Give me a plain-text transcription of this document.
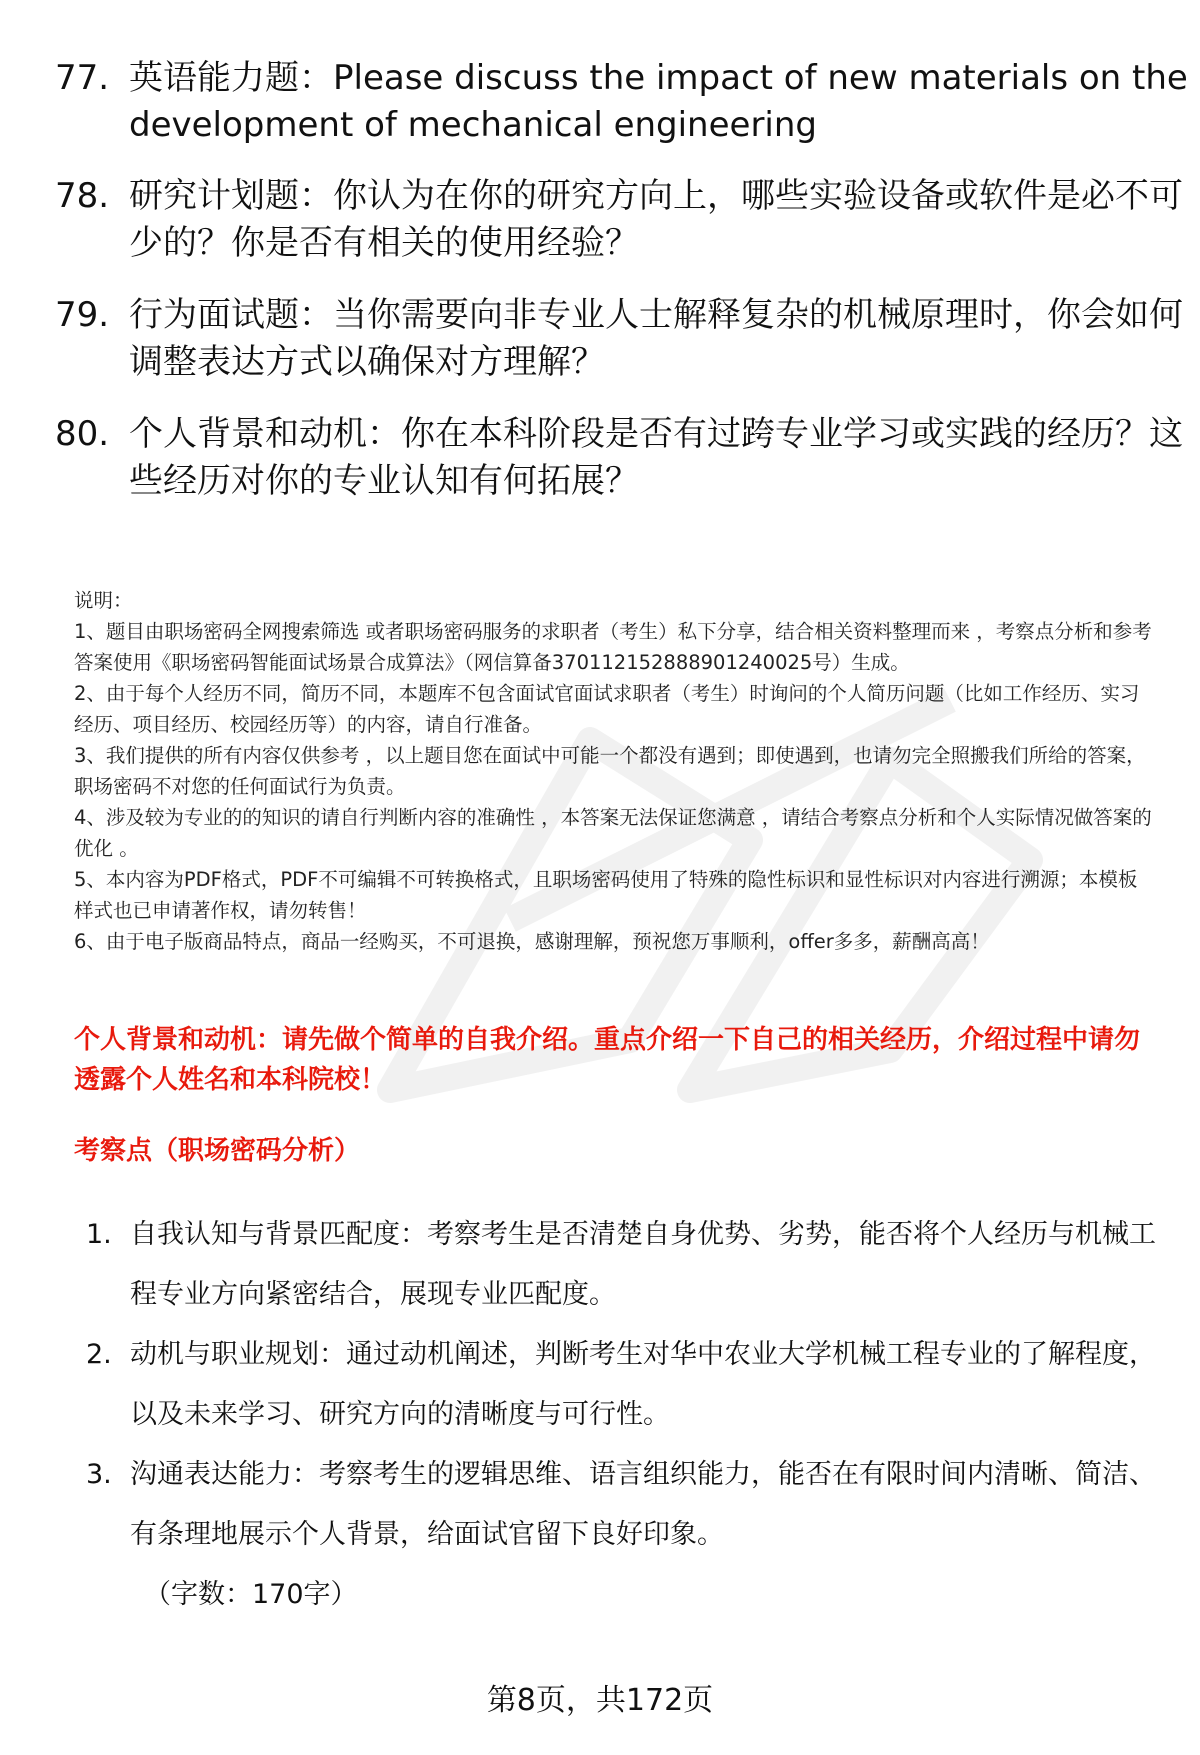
77. 英语能力题：Please discuss the impact of new materials on the development of mechanical engineering
78. 研究计划题：你认为在你的研究方向上，哪些实验设备或软件是必不可少的？你是否有相关的使用经验？
79. 行为面试题：当你需要向非专业人士解释复杂的机械原理时，你会如何调整表达方式以确保对方理解？
80. 个人背景和动机：你在本科阶段是否有过跨专业学习或实践的经历？这些经历对你的专业认知有何拓展？

说明：

1、题目由职场密码全网搜索筛选 或者职场密码服务的求职者（考生）私下分享，结合相关资料整理而来 ，考察点分析和参考答案使用《职场密码智能面试场景合成算法》（网信算备370112152888901240025号）生成。

2、由于每个人经历不同，简历不同，本题库不包含面试官面试求职者（考生）时询问的个人简历问题（比如工作经历、实习经历、项目经历、校园经历等）的内容，请自行准备。

3、我们提供的所有内容仅供参考 ，以上题目您在面试中可能一个都没有遇到；即使遇到，也请勿完全照搬我们所给的答案，职场密码不对您的任何面试行为负责。

4、涉及较为专业的的知识的请自行判断内容的准确性 ，本答案无法保证您满意 ，请结合考察点分析和个人实际情况做答案的优化 。

5、本内容为PDF格式，PDF不可编辑不可转换格式，且职场密码使用了特殊的隐性标识和显性标识对内容进行溯源；本模板样式也已申请著作权，请勿转售！

6、由于电子版商品特点，商品一经购买，不可退换，感谢理解，预祝您万事顺利，offer多多，薪酬高高！

个人背景和动机：请先做个简单的自我介绍。重点介绍一下自己的相关经历，介绍过程中请勿透露个人姓名和本科院校！
考察点（职场密码分析）
1. 自我认知与背景匹配度：考察考生是否清楚自身优势、劣势，能否将个人经历与机械工程专业方向紧密结合，展现专业匹配度。
2. 动机与职业规划：通过动机阐述，判断考生对华中农业大学机械工程专业的了解程度，以及未来学习、研究方向的清晰度与可行性。
3. 沟通表达能力：考察考生的逻辑思维、语言组织能力，能否在有限时间内清晰、简洁、有条理地展示个人背景，给面试官留下良好印象。
（字数：170字）
第8页，共172页
